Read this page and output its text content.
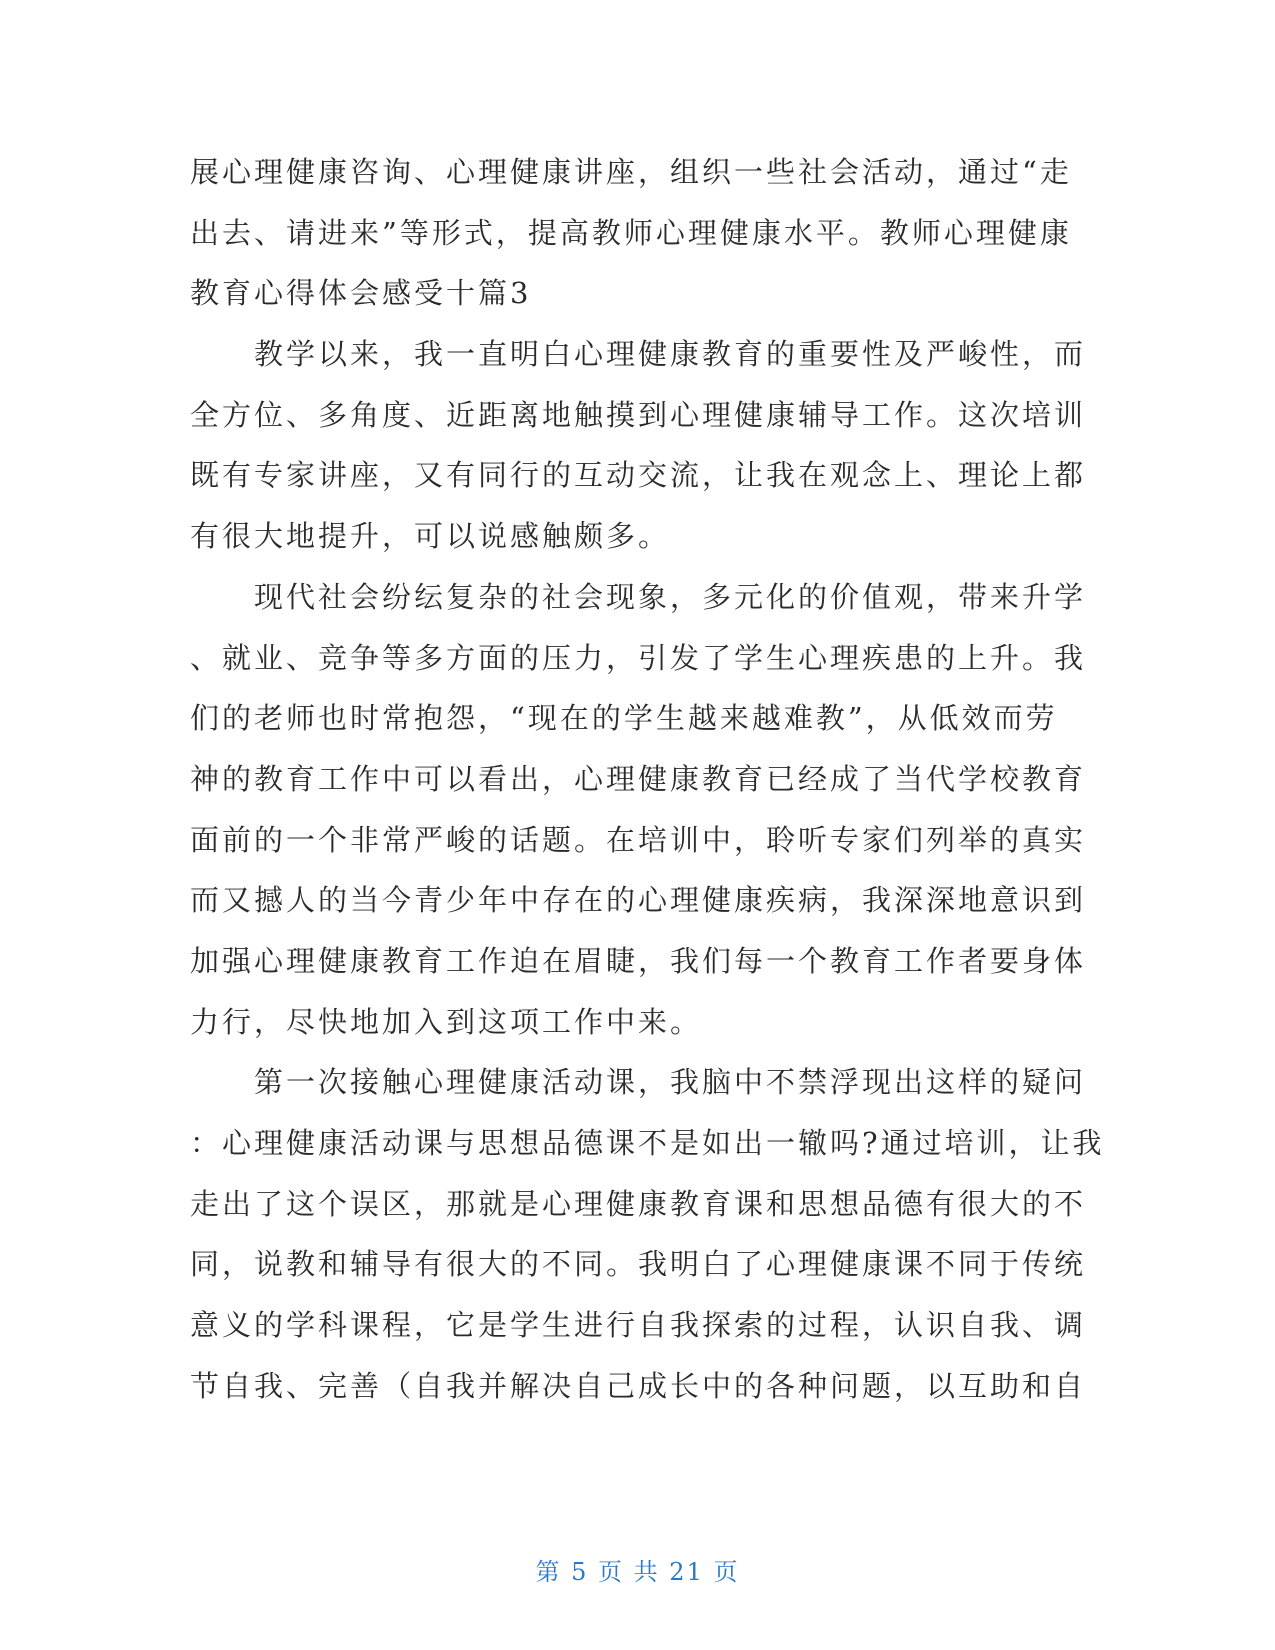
展心理健康咨询、心理健康讲座，组织一些社会活动，通过“走
出去、请进来”等形式，提高教师心理健康水平。教师心理健康
教育心得体会感受十篇3
　　教学以来，我一直明白心理健康教育的重要性及严峻性，而
全方位、多角度、近距离地触摸到心理健康辅导工作。这次培训
既有专家讲座，又有同行的互动交流，让我在观念上、理论上都
有很大地提升，可以说感触颇多。
　　现代社会纷纭复杂的社会现象，多元化的价值观，带来升学
、就业、竞争等多方面的压力，引发了学生心理疾患的上升。我
们的老师也时常抱怨，“现在的学生越来越难教”，从低效而劳
神的教育工作中可以看出，心理健康教育已经成了当代学校教育
面前的一个非常严峻的话题。在培训中，聆听专家们列举的真实
而又撼人的当今青少年中存在的心理健康疾病，我深深地意识到
加强心理健康教育工作迫在眉睫，我们每一个教育工作者要身体
力行，尽快地加入到这项工作中来。
　　第一次接触心理健康活动课，我脑中不禁浮现出这样的疑问
：心理健康活动课与思想品德课不是如出一辙吗?通过培训，让我
走出了这个误区，那就是心理健康教育课和思想品德有很大的不
同，说教和辅导有很大的不同。我明白了心理健康课不同于传统
意义的学科课程，它是学生进行自我探索的过程，认识自我、调
节自我、完善（自我并解决自己成长中的各种问题，以互助和自
第 5 页 共 21 页
